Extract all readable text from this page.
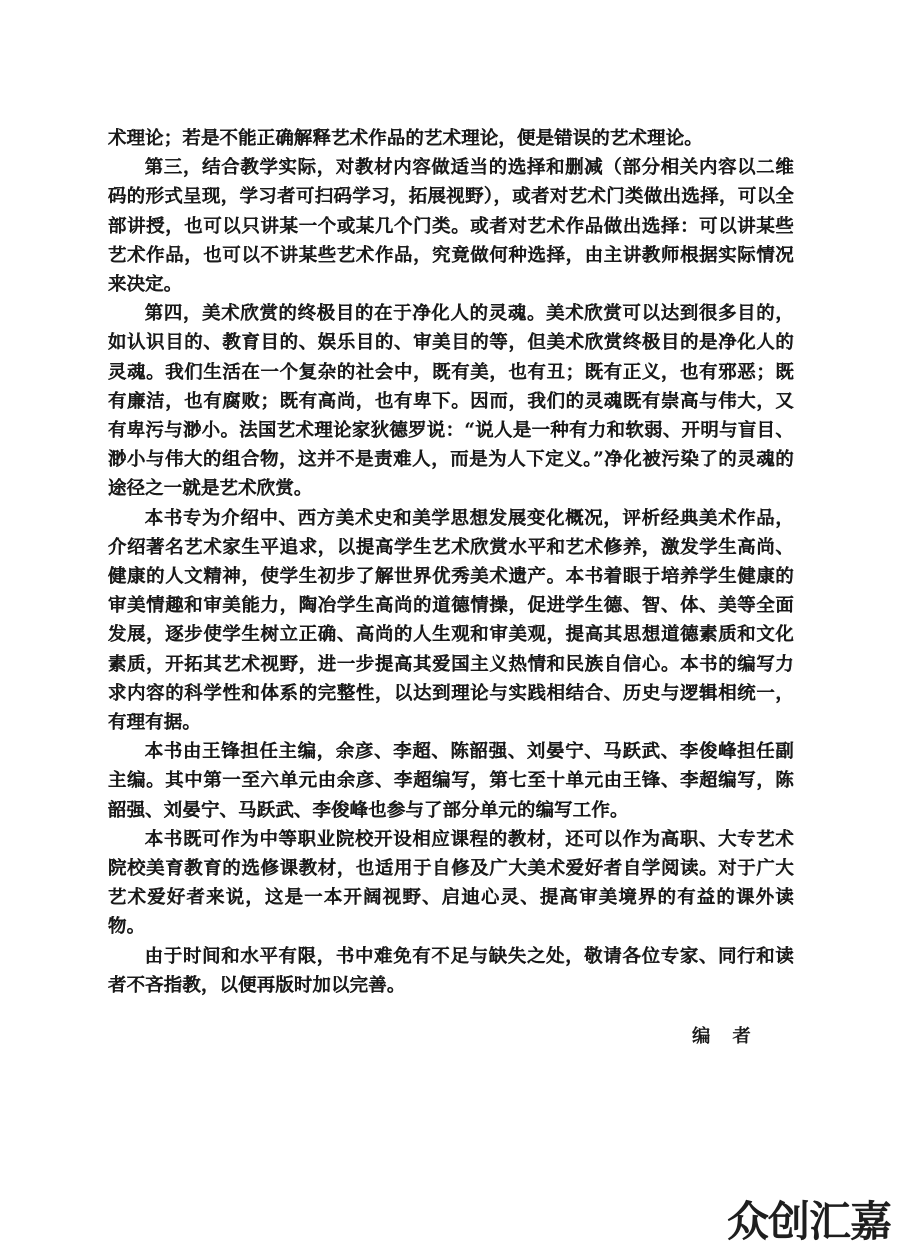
术理论；若是不能正确解释艺术作品的艺术理论，便是错误的艺术理论。

第三，结合教学实际，对教材内容做适当的选择和删减（部分相关内容以二维码的形式呈现，学习者可扫码学习，拓展视野），或者对艺术门类做出选择，可以全部讲授，也可以只讲某一个或某几个门类。或者对艺术作品做出选择：可以讲某些艺术作品，也可以不讲某些艺术作品，究竟做何种选择，由主讲教师根据实际情况来决定。

第四，美术欣赏的终极目的在于净化人的灵魂。美术欣赏可以达到很多目的，如认识目的、教育目的、娱乐目的、审美目的等，但美术欣赏终极目的是净化人的灵魂。我们生活在一个复杂的社会中，既有美，也有丑；既有正义，也有邪恶；既有廉洁，也有腐败；既有高尚，也有卑下。因而，我们的灵魂既有崇高与伟大，又有卑污与渺小。法国艺术理论家狄德罗说：“说人是一种有力和软弱、开明与盲目、渺小与伟大的组合物，这并不是责难人，而是为人下定义。”净化被污染了的灵魂的途径之一就是艺术欣赏。

本书专为介绍中、西方美术史和美学思想发展变化概况，评析经典美术作品，介绍著名艺术家生平追求，以提高学生艺术欣赏水平和艺术修养，激发学生高尚、健康的人文精神，使学生初步了解世界优秀美术遗产。本书着眼于培养学生健康的审美情趣和审美能力，陶冶学生高尚的道德情操，促进学生德、智、体、美等全面发展，逐步使学生树立正确、高尚的人生观和审美观，提高其思想道德素质和文化素质，开拓其艺术视野，进一步提高其爱国主义热情和民族自信心。本书的编写力求内容的科学性和体系的完整性，以达到理论与实践相结合、历史与逻辑相统一，有理有据。

本书由王锋担任主编，余彦、李超、陈韶强、刘晏宁、马跃武、李俊峰担任副主编。其中第一至六单元由余彦、李超编写，第七至十单元由王锋、李超编写，陈韶强、刘晏宁、马跃武、李俊峰也参与了部分单元的编写工作。

本书既可作为中等职业院校开设相应课程的教材，还可以作为高职、大专艺术院校美育教育的选修课教材，也适用于自修及广大美术爱好者自学阅读。对于广大艺术爱好者来说，这是一本开阔视野、启迪心灵、提高审美境界的有益的课外读物。

由于时间和水平有限，书中难免有不足与缺失之处，敬请各位专家、同行和读者不吝指教，以便再版时加以完善。

编者
众创汇嘉
